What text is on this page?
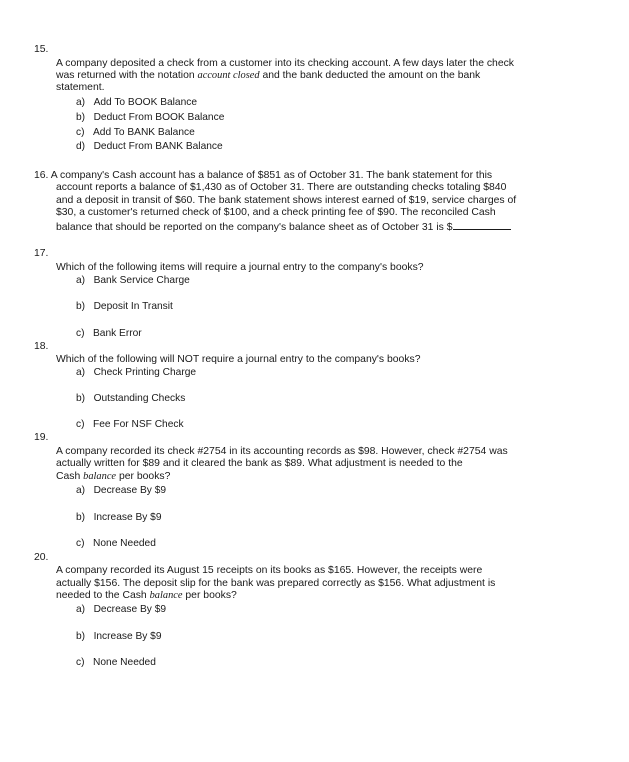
15.
A company deposited a check from a customer into its checking account. A few days later the check
was returned with the notation account closed and the bank deducted the amount on the bank
statement.
a) Add To BOOK Balance
b) Deduct From BOOK Balance
c) Add To BANK Balance
d) Deduct From BANK Balance
16. A company's Cash account has a balance of $851 as of October 31. The bank statement for this
account reports a balance of $1,430 as of October 31. There are outstanding checks totaling $840
and a deposit in transit of $60. The bank statement shows interest earned of $19, service charges of
$30, a customer's returned check of $100, and a check printing fee of $90. The reconciled Cash
balance that should be reported on the company's balance sheet as of October 31 is $
17.
Which of the following items will require a journal entry to the company's books?
a) Bank Service Charge
b) Deposit In Transit
c) Bank Error
18.
Which of the following will NOT require a journal entry to the company's books?
a) Check Printing Charge
b) Outstanding Checks
c) Fee For NSF Check
19.
A company recorded its check #2754 in its accounting records as $98. However, check #2754 was
actually written for $89 and it cleared the bank as $89. What adjustment is needed to the
Cash balance per books?
a) Decrease By $9
b) Increase By $9
c) None Needed
20.
A company recorded its August 15 receipts on its books as $165. However, the receipts were
actually $156. The deposit slip for the bank was prepared correctly as $156. What adjustment is
needed to the Cash balance per books?
a) Decrease By $9
b) Increase By $9
c) None Needed
